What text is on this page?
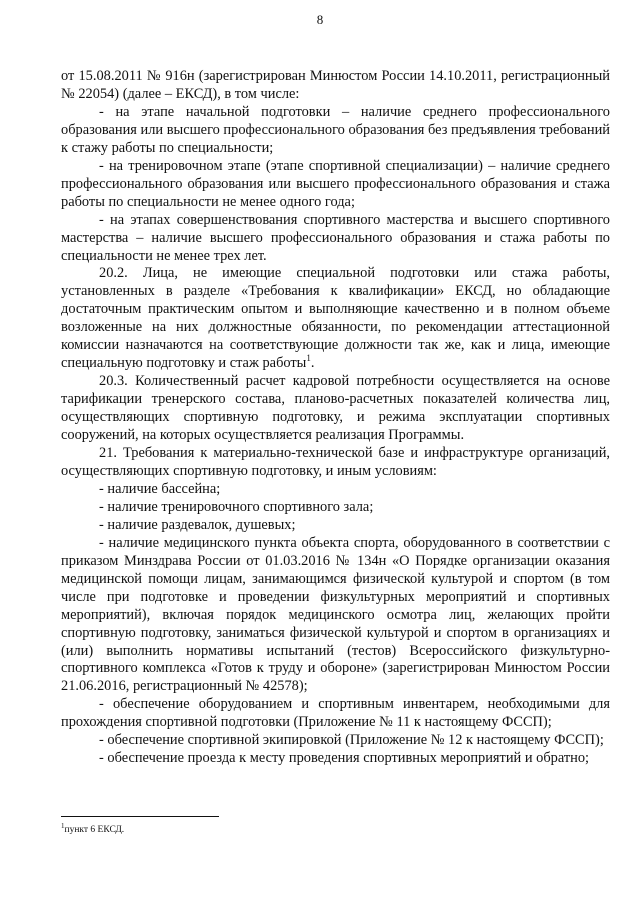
8

от 15.08.2011 № 916н (зарегистрирован Минюстом России 14.10.2011, регистрационный № 22054) (далее – ЕКСД), в том числе:

- на этапе начальной подготовки – наличие среднего профессионального образования или высшего профессионального образования без предъявления требований к стажу работы по специальности;

- на тренировочном этапе (этапе спортивной специализации) – наличие среднего профессионального образования или высшего профессионального образования и стажа работы по специальности не менее одного года;

- на этапах совершенствования спортивного мастерства и высшего спортивного мастерства – наличие высшего профессионального образования и стажа работы по специальности не менее трех лет.

20.2. Лица, не имеющие специальной подготовки или стажа работы, установленных в разделе «Требования к квалификации» ЕКСД, но обладающие достаточным практическим опытом и выполняющие качественно и в полном объеме возложенные на них должностные обязанности, по рекомендации аттестационной комиссии назначаются на соответствующие должности так же, как и лица, имеющие специальную подготовку и стаж работы$^1$.

20.3. Количественный расчет кадровой потребности осуществляется на основе тарификации тренерского состава, планово-расчетных показателей количества лиц, осуществляющих спортивную подготовку, и режима эксплуатации спортивных сооружений, на которых осуществляется реализация Программы.

21. Требования к материально-технической базе и инфраструктуре организаций, осуществляющих спортивную подготовку, и иным условиям:

- наличие бассейна;

- наличие тренировочного спортивного зала;

- наличие раздевалок, душевых;

- наличие медицинского пункта объекта спорта, оборудованного в соответствии с приказом Минздрава России от 01.03.2016 № 134н «О Порядке организации оказания медицинской помощи лицам, занимающимся физической культурой и спортом (в том числе при подготовке и проведении физкультурных мероприятий и спортивных мероприятий), включая порядок медицинского осмотра лиц, желающих пройти спортивную подготовку, заниматься физической культурой и спортом в организациях и (или) выполнить нормативы испытаний (тестов) Всероссийского физкультурно-спортивного комплекса «Готов к труду и обороне» (зарегистрирован Минюстом России 21.06.2016, регистрационный № 42578);

- обеспечение оборудованием и спортивным инвентарем, необходимыми для прохождения спортивной подготовки (Приложение № 11 к настоящему ФССП);

- обеспечение спортивной экипировкой (Приложение № 12 к настоящему ФССП);

- обеспечение проезда к месту проведения спортивных мероприятий и обратно;

$^1$пункт 6 ЕКСД.
